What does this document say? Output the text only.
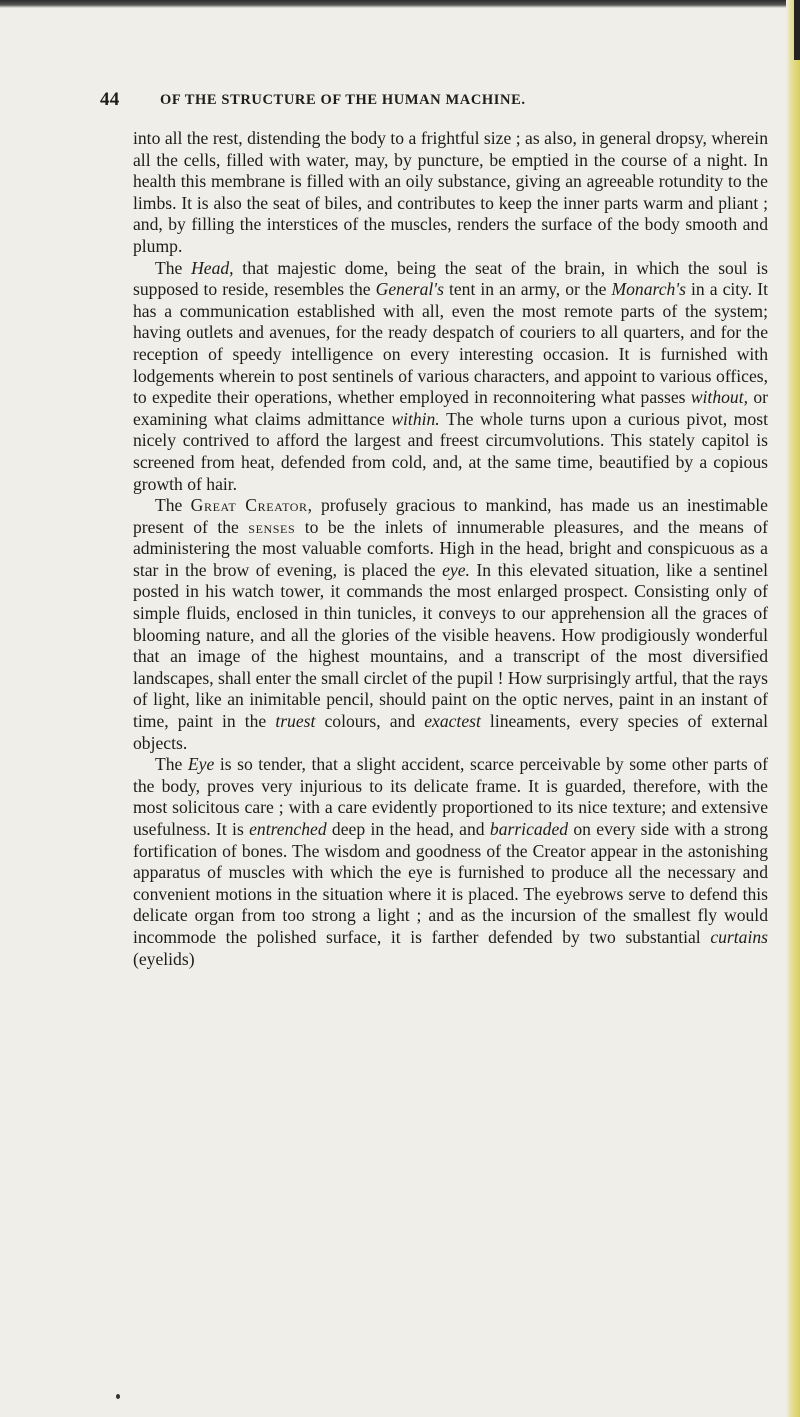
44	OF THE STRUCTURE OF THE HUMAN MACHINE.

into all the rest, distending the body to a frightful size ; as also, in general dropsy, wherein all the cells, filled with water, may, by puncture, be emptied in the course of a night. In health this membrane is filled with an oily substance, giving an agreeable rotundity to the limbs. It is also the seat of biles, and contributes to keep the inner parts warm and pliant ; and, by filling the interstices of the muscles, renders the surface of the body smooth and plump.

The Head, that majestic dome, being the seat of the brain, in which the soul is supposed to reside, resembles the General's tent in an army, or the Monarch's in a city. It has a communication established with all, even the most remote parts of the system; having outlets and avenues, for the ready despatch of couriers to all quarters, and for the reception of speedy intelligence on every interesting occasion. It is furnished with lodgements wherein to post sentinels of various characters, and appoint to various offices, to expedite their operations, whether employed in reconnoitering what passes without, or examining what claims admittance within. The whole turns upon a curious pivot, most nicely contrived to afford the largest and freest circumvolutions. This stately capitol is screened from heat, defended from cold, and, at the same time, beautified by a copious growth of hair.

The Great Creator, profusely gracious to mankind, has made us an inestimable present of the senses to be the inlets of innumerable pleasures, and the means of administering the most valuable comforts. High in the head, bright and conspicuous as a star in the brow of evening, is placed the eye. In this elevated situation, like a sentinel posted in his watch tower, it commands the most enlarged prospect. Consisting only of simple fluids, enclosed in thin tunicles, it conveys to our apprehension all the graces of blooming nature, and all the glories of the visible heavens. How prodigiously wonderful that an image of the highest mountains, and a transcript of the most diversified landscapes, shall enter the small circlet of the pupil ! How surprisingly artful, that the rays of light, like an inimitable pencil, should paint on the optic nerves, paint in an instant of time, paint in the truest colours, and exactest lineaments, every species of external objects.

The Eye is so tender, that a slight accident, scarce perceivable by some other parts of the body, proves very injurious to its delicate frame. It is guarded, therefore, with the most solicitous care ; with a care evidently proportioned to its nice texture; and extensive usefulness. It is entrenched deep in the head, and barricaded on every side with a strong fortification of bones. The wisdom and goodness of the Creator appear in the astonishing apparatus of muscles with which the eye is furnished to produce all the necessary and convenient motions in the situation where it is placed. The eyebrows serve to defend this delicate organ from too strong a light ; and as the incursion of the smallest fly would incommode the polished surface, it is farther defended by two substantial curtains (eyelids)
